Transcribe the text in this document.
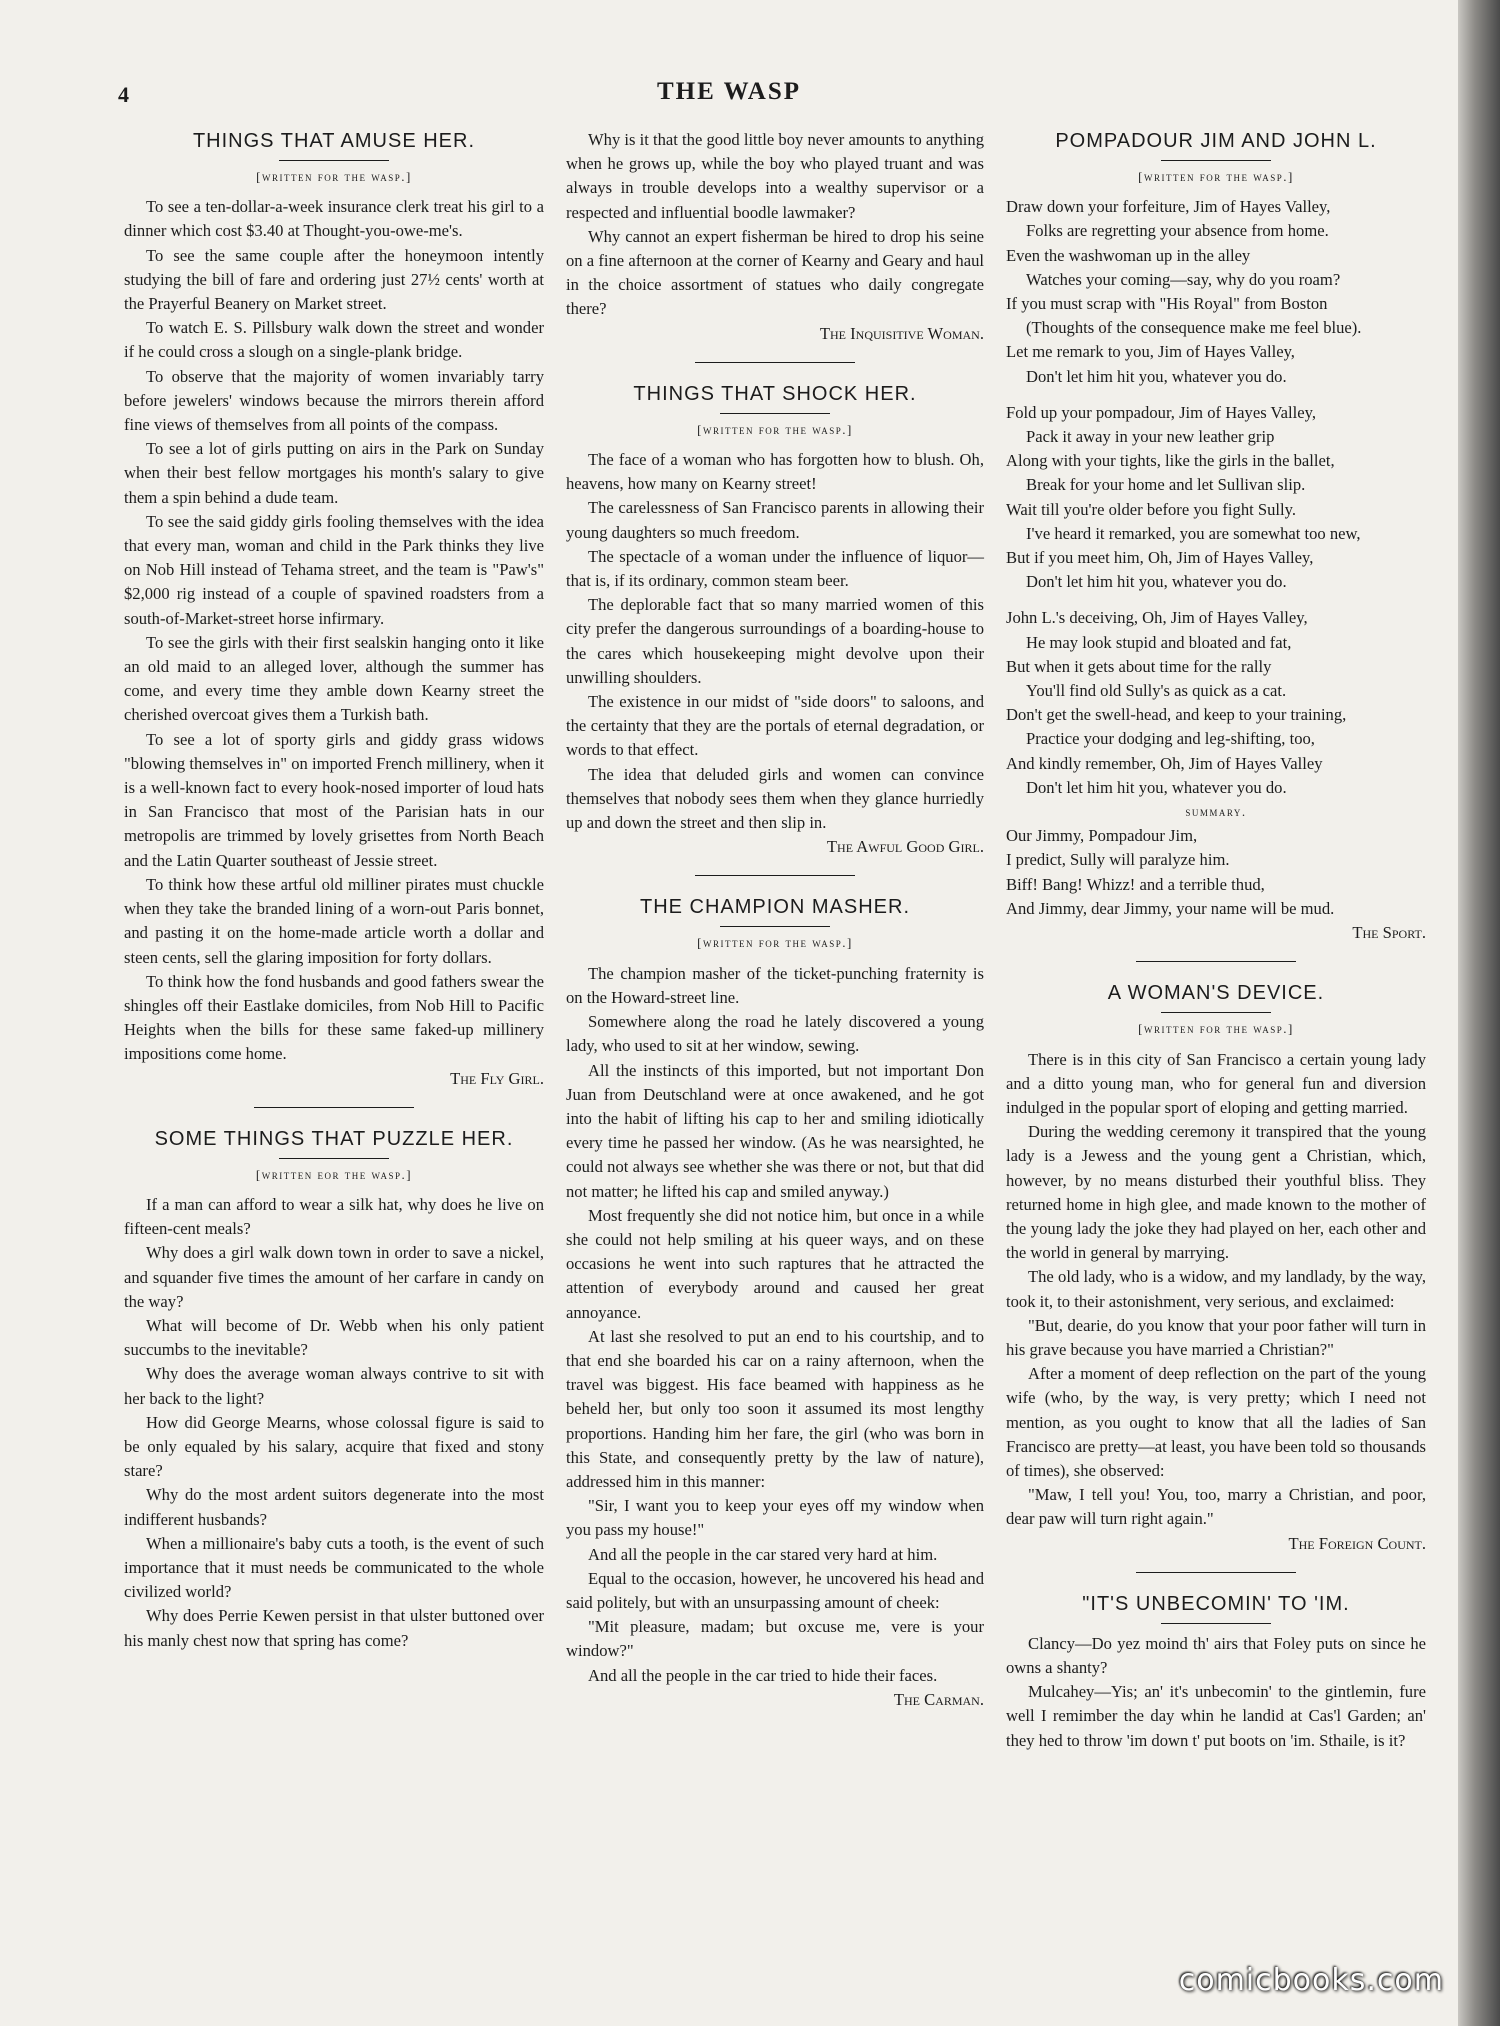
4	THE WASP
THINGS THAT AMUSE HER.
[written for the wasp.]

To see a ten-dollar-a-week insurance clerk treat his girl to a dinner which cost $3.40 at Thought-you-owe-me's.

To see the same couple after the honeymoon intently studying the bill of fare and ordering just 27½ cents' worth at the Prayerful Beanery on Market street.

To watch E. S. Pillsbury walk down the street and wonder if he could cross a slough on a single-plank bridge.

To observe that the majority of women invariably tarry before jewelers' windows because the mirrors therein afford fine views of themselves from all points of the compass.

To see a lot of girls putting on airs in the Park on Sunday when their best fellow mortgages his month's salary to give them a spin behind a dude team.

To see the said giddy girls fooling themselves with the idea that every man, woman and child in the Park thinks they live on Nob Hill instead of Tehama street, and the team is "Paw's" $2,000 rig instead of a couple of spavined roadsters from a south-of-Market-street horse infirmary.

To see the girls with their first sealskin hanging onto it like an old maid to an alleged lover, although the summer has come, and every time they amble down Kearny street the cherished overcoat gives them a Turkish bath.

To see a lot of sporty girls and giddy grass widows "blowing themselves in" on imported French millinery, when it is a well-known fact to every hook-nosed importer of loud hats in San Francisco that most of the Parisian hats in our metropolis are trimmed by lovely grisettes from North Beach and the Latin Quarter southeast of Jessie street.

To think how these artful old milliner pirates must chuckle when they take the branded lining of a worn-out Paris bonnet, and pasting it on the home-made article worth a dollar and steen cents, sell the glaring imposition for forty dollars.

To think how the fond husbands and good fathers swear the shingles off their Eastlake domiciles, from Nob Hill to Pacific Heights when the bills for these same faked-up millinery impositions come home.

The Fly Girl.

SOME THINGS THAT PUZZLE HER.
[written eor the wasp.]

If a man can afford to wear a silk hat, why does he live on fifteen-cent meals?

Why does a girl walk down town in order to save a nickel, and squander five times the amount of her carfare in candy on the way?

What will become of Dr. Webb when his only patient succumbs to the inevitable?

Why does the average woman always contrive to sit with her back to the light?

How did George Mearns, whose colossal figure is said to be only equaled by his salary, acquire that fixed and stony stare?

Why do the most ardent suitors degenerate into the most indifferent husbands?

When a millionaire's baby cuts a tooth, is the event of such importance that it must needs be communicated to the whole civilized world?

Why does Perrie Kewen persist in that ulster buttoned over his manly chest now that spring has come?

Why is it that the good little boy never amounts to anything when he grows up, while the boy who played truant and was always in trouble develops into a wealthy supervisor or a respected and influential boodle lawmaker?

Why cannot an expert fisherman be hired to drop his seine on a fine afternoon at the corner of Kearny and Geary and haul in the choice assortment of statues who daily congregate there?

The Inquisitive Woman.

THINGS THAT SHOCK HER.
[written for the wasp.]

The face of a woman who has forgotten how to blush. Oh, heavens, how many on Kearny street!

The carelessness of San Francisco parents in allowing their young daughters so much freedom.

The spectacle of a woman under the influence of liquor—that is, if its ordinary, common steam beer.

The deplorable fact that so many married women of this city prefer the dangerous surroundings of a boarding-house to the cares which housekeeping might devolve upon their unwilling shoulders.

The existence in our midst of "side doors" to saloons, and the certainty that they are the portals of eternal degradation, or words to that effect.

The idea that deluded girls and women can convince themselves that nobody sees them when they glance hurriedly up and down the street and then slip in.

The Awful Good Girl.

THE CHAMPION MASHER.
[written for the wasp.]

The champion masher of the ticket-punching fraternity is on the Howard-street line.

Somewhere along the road he lately discovered a young lady, who used to sit at her window, sewing.

All the instincts of this imported, but not important Don Juan from Deutschland were at once awakened, and he got into the habit of lifting his cap to her and smiling idiotically every time he passed her window. (As he was nearsighted, he could not always see whether she was there or not, but that did not matter; he lifted his cap and smiled anyway.)

Most frequently she did not notice him, but once in a while she could not help smiling at his queer ways, and on these occasions he went into such raptures that he attracted the attention of everybody around and caused her great annoyance.

At last she resolved to put an end to his courtship, and to that end she boarded his car on a rainy afternoon, when the travel was biggest. His face beamed with happiness as he beheld her, but only too soon it assumed its most lengthy proportions. Handing him her fare, the girl (who was born in this State, and consequently pretty by the law of nature), addressed him in this manner:

"Sir, I want you to keep your eyes off my window when you pass my house!"

And all the people in the car stared very hard at him.

Equal to the occasion, however, he uncovered his head and said politely, but with an unsurpassing amount of cheek:

"Mit pleasure, madam; but oxcuse me, vere is your window?"

And all the people in the car tried to hide their faces.

The Carman.

POMPADOUR JIM AND JOHN L.
[written for the wasp.]

Draw down your forfeiture, Jim of Hayes Valley,

Folks are regretting your absence from home.

Even the washwoman up in the alley

Watches your coming—say, why do you roam?

If you must scrap with "His Royal" from Boston

(Thoughts of the consequence make me feel blue).

Let me remark to you, Jim of Hayes Valley,

Don't let him hit you, whatever you do.

Fold up your pompadour, Jim of Hayes Valley,

Pack it away in your new leather grip

Along with your tights, like the girls in the ballet,

Break for your home and let Sullivan slip.

Wait till you're older before you fight Sully.

I've heard it remarked, you are somewhat too new,

But if you meet him, Oh, Jim of Hayes Valley,

Don't let him hit you, whatever you do.

John L.'s deceiving, Oh, Jim of Hayes Valley,

He may look stupid and bloated and fat,

But when it gets about time for the rally

You'll find old Sully's as quick as a cat.

Don't get the swell-head, and keep to your training,

Practice your dodging and leg-shifting, too,

And kindly remember, Oh, Jim of Hayes Valley

Don't let him hit you, whatever you do.

summary.

Our Jimmy, Pompadour Jim,

I predict, Sully will paralyze him.

Biff! Bang! Whizz! and a terrible thud,

And Jimmy, dear Jimmy, your name will be mud.

The Sport.

A WOMAN'S DEVICE.
[written for the wasp.]

There is in this city of San Francisco a certain young lady and a ditto young man, who for general fun and diversion indulged in the popular sport of eloping and getting married.

During the wedding ceremony it transpired that the young lady is a Jewess and the young gent a Christian, which, however, by no means disturbed their youthful bliss. They returned home in high glee, and made known to the mother of the young lady the joke they had played on her, each other and the world in general by marrying.

The old lady, who is a widow, and my landlady, by the way, took it, to their astonishment, very serious, and exclaimed:

"But, dearie, do you know that your poor father will turn in his grave because you have married a Christian?"

After a moment of deep reflection on the part of the young wife (who, by the way, is very pretty; which I need not mention, as you ought to know that all the ladies of San Francisco are pretty—at least, you have been told so thousands of times), she observed:

"Maw, I tell you! You, too, marry a Christian, and poor, dear paw will turn right again."

The Foreign Count.

"IT'S UNBECOMIN' TO 'IM.

Clancy—Do yez moind th' airs that Foley puts on since he owns a shanty?

Mulcahey—Yis; an' it's unbecomin' to the gintlemin, fure well I remimber the day whin he landid at Cas'l Garden; an' they hed to throw 'im down t' put boots on 'im. Sthaile, is it?

comicbooks.com
